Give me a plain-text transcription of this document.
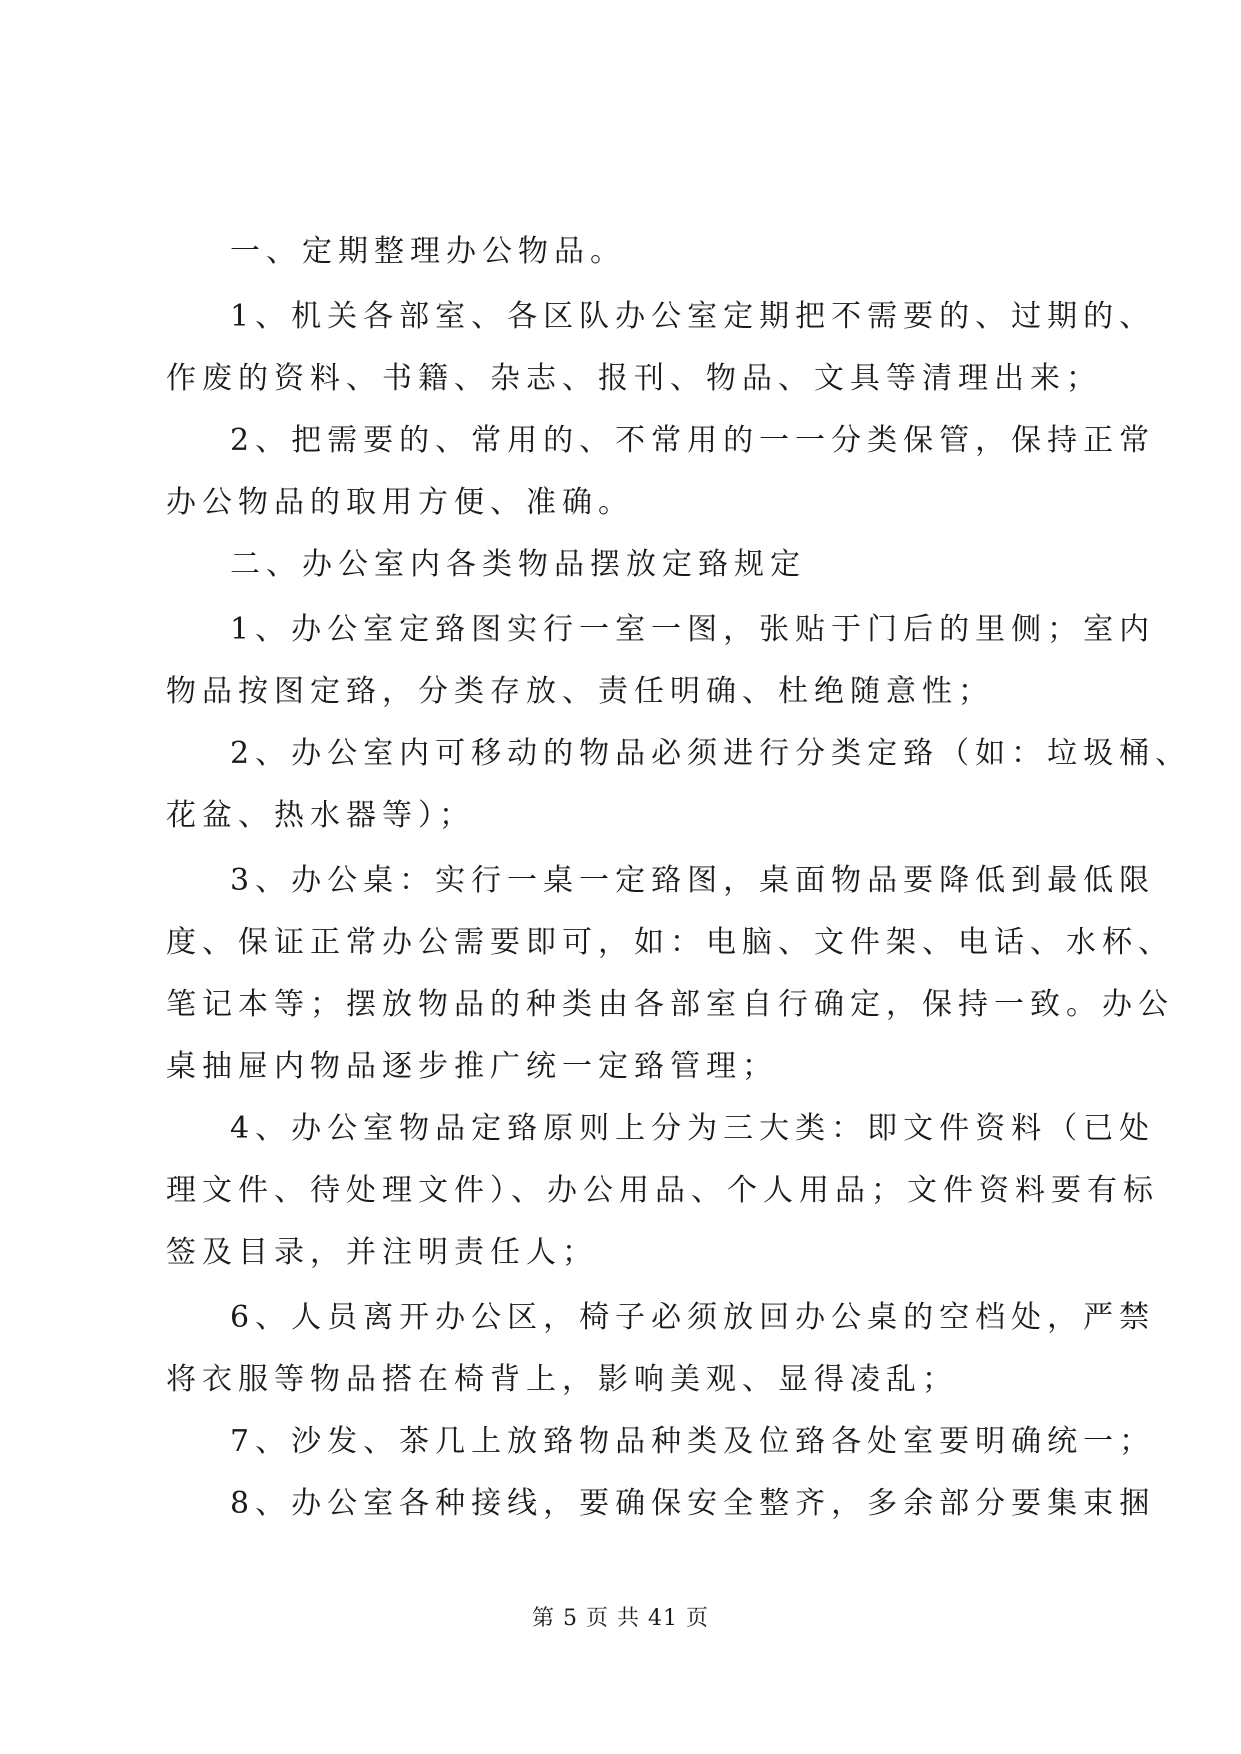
一、定期整理办公物品。
1、机关各部室、各区队办公室定期把不需要的、过期的、
作废的资料、书籍、杂志、报刊、物品、文具等清理出来；
2、把需要的、常用的、不常用的一一分类保管，保持正常
办公物品的取用方便、准确。
二、办公室内各类物品摆放定臵规定
1、办公室定臵图实行一室一图，张贴于门后的里侧；室内
物品按图定臵，分类存放、责任明确、杜绝随意性；
2、办公室内可移动的物品必须进行分类定臵（如：垃圾桶、
花盆、热水器等）；
3、办公桌：实行一桌一定臵图，桌面物品要降低到最低限
度、保证正常办公需要即可，如：电脑、文件架、电话、水杯、
笔记本等；摆放物品的种类由各部室自行确定，保持一致。办公
桌抽屉内物品逐步推广统一定臵管理；
4、办公室物品定臵原则上分为三大类：即文件资料（已处
理文件、待处理文件）、办公用品、个人用品；文件资料要有标
签及目录，并注明责任人；
6、人员离开办公区，椅子必须放回办公桌的空档处，严禁
将衣服等物品搭在椅背上，影响美观、显得凌乱；
7、沙发、茶几上放臵物品种类及位臵各处室要明确统一；
8、办公室各种接线，要确保安全整齐，多余部分要集束捆
第 5 页 共 41 页
